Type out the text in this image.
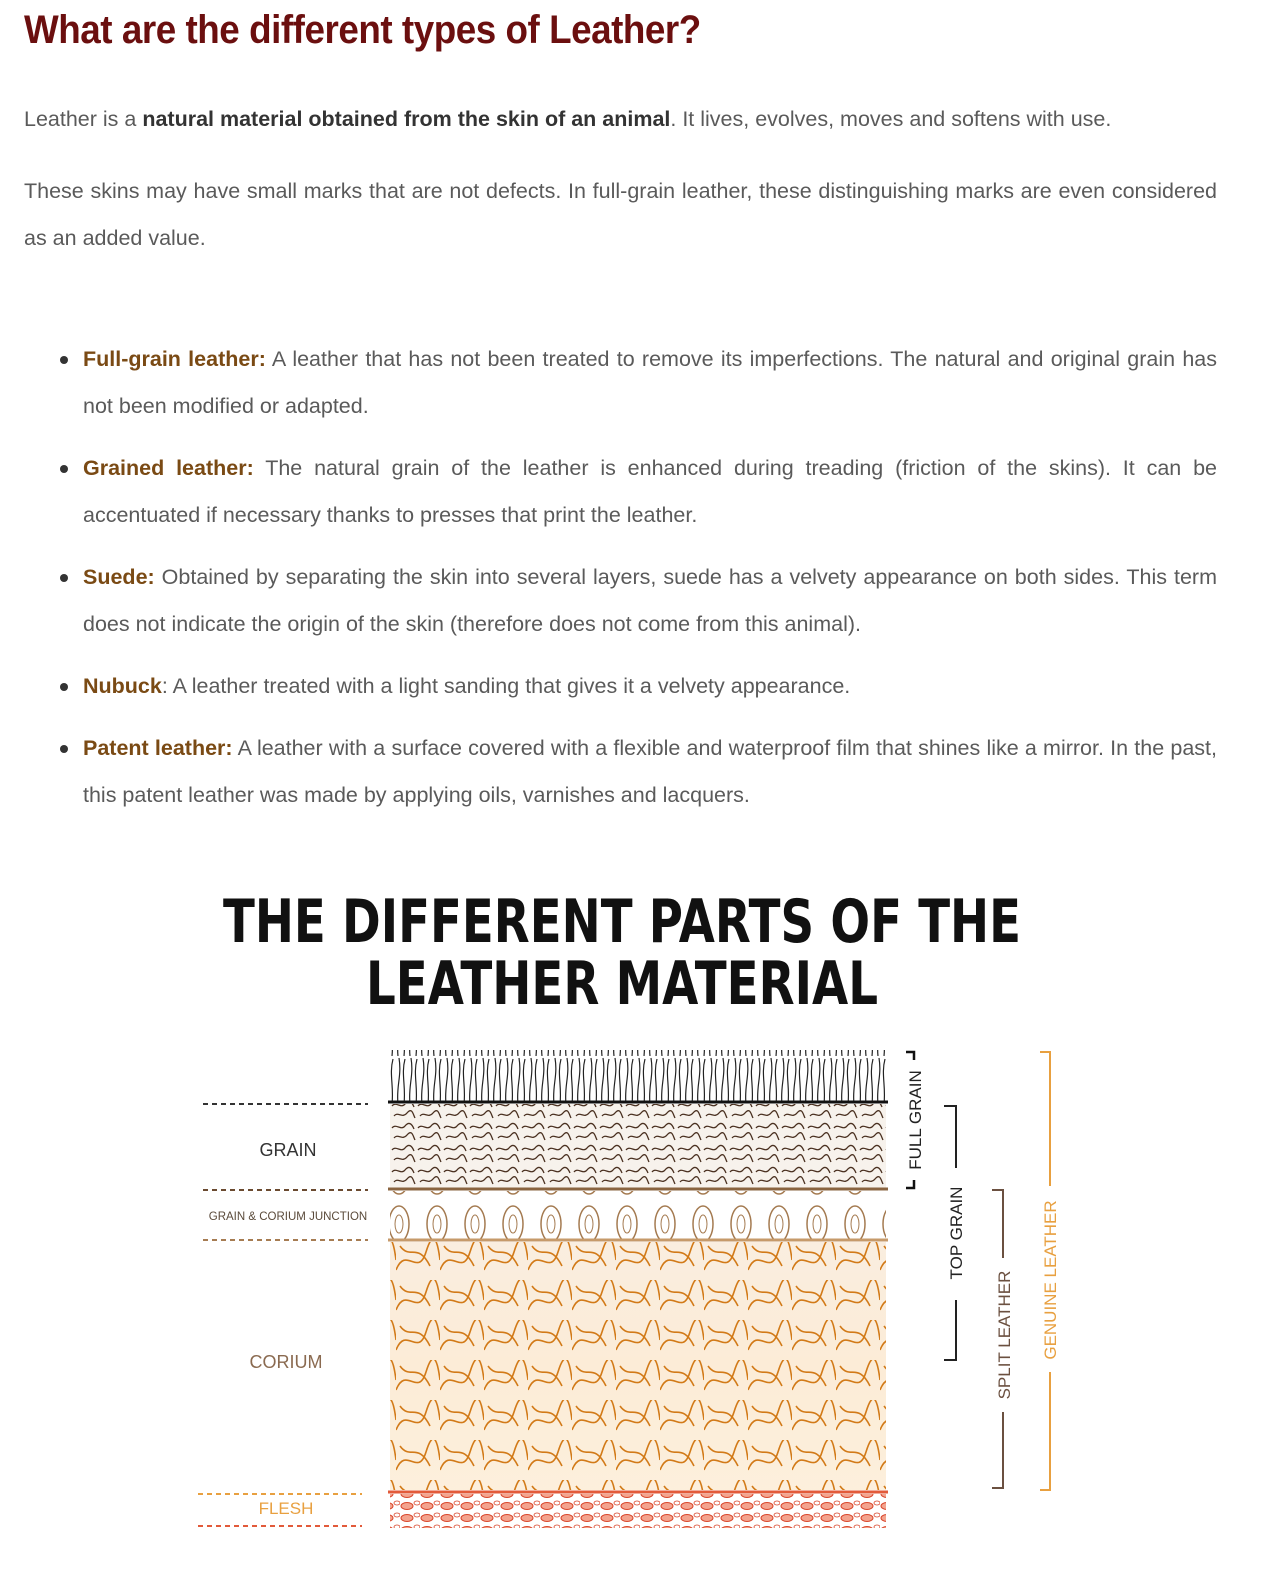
What are the different types of Leather?

Leather is a natural material obtained from the skin of an animal. It lives, evolves, moves and softens with use.

These skins may have small marks that are not defects. In full-grain leather, these distinguishing marks are even considered as an added value.

Full-grain leather: A leather that has not been treated to remove its imperfections. The natural and original grain has not been modified or adapted.
Grained leather: The natural grain of the leather is enhanced during treading (friction of the skins). It can be accentuated if necessary thanks to presses that print the leather.
Suede: Obtained by separating the skin into several layers, suede has a velvety appearance on both sides. This term does not indicate the origin of the skin (therefore does not come from this animal).
Nubuck: A leather treated with a light sanding that gives it a velvety appearance.
Patent leather: A leather with a surface covered with a flexible and waterproof film that shines like a mirror. In the past, this patent leather was made by applying oils, varnishes and lacquers.
THE DIFFERENT PARTS OF THE
LEATHER MATERIAL
GRAIN
GRAIN & CORIUM JUNCTION
CORIUM
FLESH
FULL GRAIN
TOP GRAIN
SPLIT LEATHER GENUINE LEATHER
